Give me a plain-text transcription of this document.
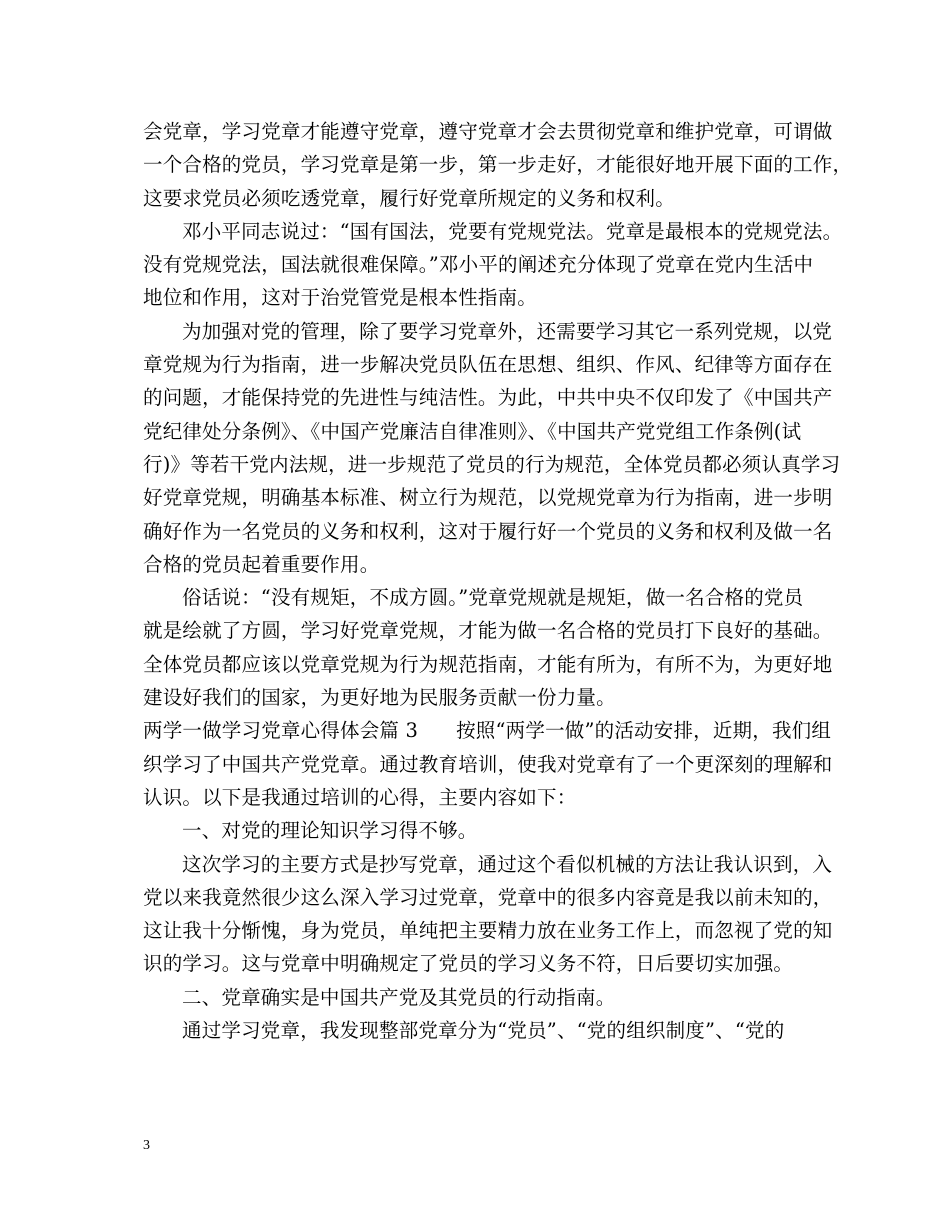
会党章，学习党章才能遵守党章，遵守党章才会去贯彻党章和维护党章，可谓做
一个合格的党员，学习党章是第一步，第一步走好，才能很好地开展下面的工作，
这要求党员必须吃透党章，履行好党章所规定的义务和权利。
邓小平同志说过：“国有国法，党要有党规党法。党章是最根本的党规党法。
没有党规党法，国法就很难保障。”邓小平的阐述充分体现了党章在党内生活中
地位和作用，这对于治党管党是根本性指南。
为加强对党的管理，除了要学习党章外，还需要学习其它一系列党规，以党
章党规为行为指南，进一步解决党员队伍在思想、组织、作风、纪律等方面存在
的问题，才能保持党的先进性与纯洁性。为此，中共中央不仅印发了《中国共产
党纪律处分条例》、《中国产党廉洁自律准则》、《中国共产党党组工作条例(试
行)》等若干党内法规，进一步规范了党员的行为规范，全体党员都必须认真学习
好党章党规，明确基本标准、树立行为规范，以党规党章为行为指南，进一步明
确好作为一名党员的义务和权利，这对于履行好一个党员的义务和权利及做一名
合格的党员起着重要作用。
俗话说：“没有规矩，不成方圆。”党章党规就是规矩，做一名合格的党员
就是绘就了方圆，学习好党章党规，才能为做一名合格的党员打下良好的基础。
全体党员都应该以党章党规为行为规范指南，才能有所为，有所不为，为更好地
建设好我们的国家，为更好地为民服务贡献一份力量。
两学一做学习党章心得体会篇 3 按照“两学一做”的活动安排，近期，我们组
织学习了中国共产党党章。通过教育培训，使我对党章有了一个更深刻的理解和
认识。以下是我通过培训的心得，主要内容如下：
一、对党的理论知识学习得不够。
这次学习的主要方式是抄写党章，通过这个看似机械的方法让我认识到，入
党以来我竟然很少这么深入学习过党章，党章中的很多内容竟是我以前未知的，
这让我十分惭愧，身为党员，单纯把主要精力放在业务工作上，而忽视了党的知
识的学习。这与党章中明确规定了党员的学习义务不符，日后要切实加强。
二、党章确实是中国共产党及其党员的行动指南。
通过学习党章，我发现整部党章分为“党员”、“党的组织制度”、“党的
3
